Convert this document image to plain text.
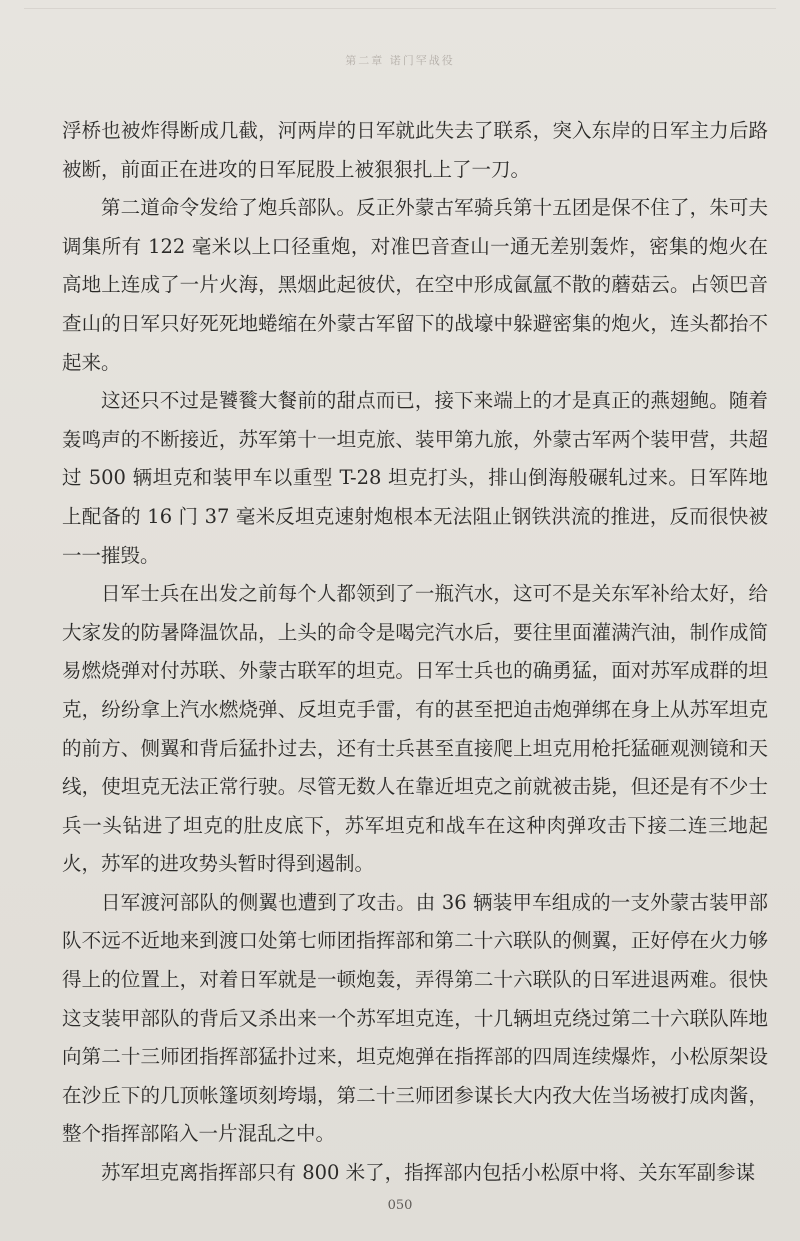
第二章 诺门罕战役

浮桥也被炸得断成几截，河两岸的日军就此失去了联系，突入东岸的日军主力后路被断，前面正在进攻的日军屁股上被狠狠扎上了一刀。

第二道命令发给了炮兵部队。反正外蒙古军骑兵第十五团是保不住了，朱可夫调集所有 122 毫米以上口径重炮，对准巴音查山一通无差别轰炸，密集的炮火在高地上连成了一片火海，黑烟此起彼伏，在空中形成氤氲不散的蘑菇云。占领巴音查山的日军只好死死地蜷缩在外蒙古军留下的战壕中躲避密集的炮火，连头都抬不起来。

这还只不过是饕餮大餐前的甜点而已，接下来端上的才是真正的燕翅鲍。随着轰鸣声的不断接近，苏军第十一坦克旅、装甲第九旅，外蒙古军两个装甲营，共超过 500 辆坦克和装甲车以重型 T-28 坦克打头，排山倒海般碾轧过来。日军阵地上配备的 16 门 37 毫米反坦克速射炮根本无法阻止钢铁洪流的推进，反而很快被一一摧毁。

日军士兵在出发之前每个人都领到了一瓶汽水，这可不是关东军补给太好，给大家发的防暑降温饮品，上头的命令是喝完汽水后，要往里面灌满汽油，制作成简易燃烧弹对付苏联、外蒙古联军的坦克。日军士兵也的确勇猛，面对苏军成群的坦克，纷纷拿上汽水燃烧弹、反坦克手雷，有的甚至把迫击炮弹绑在身上从苏军坦克的前方、侧翼和背后猛扑过去，还有士兵甚至直接爬上坦克用枪托猛砸观测镜和天线，使坦克无法正常行驶。尽管无数人在靠近坦克之前就被击毙，但还是有不少士兵一头钻进了坦克的肚皮底下，苏军坦克和战车在这种肉弹攻击下接二连三地起火，苏军的进攻势头暂时得到遏制。

日军渡河部队的侧翼也遭到了攻击。由 36 辆装甲车组成的一支外蒙古装甲部队不远不近地来到渡口处第七师团指挥部和第二十六联队的侧翼，正好停在火力够得上的位置上，对着日军就是一顿炮轰，弄得第二十六联队的日军进退两难。很快这支装甲部队的背后又杀出来一个苏军坦克连，十几辆坦克绕过第二十六联队阵地向第二十三师团指挥部猛扑过来，坦克炮弹在指挥部的四周连续爆炸，小松原架设在沙丘下的几顶帐篷顷刻垮塌，第二十三师团参谋长大内孜大佐当场被打成肉酱，整个指挥部陷入一片混乱之中。

苏军坦克离指挥部只有 800 米了，指挥部内包括小松原中将、关东军副参谋

050
